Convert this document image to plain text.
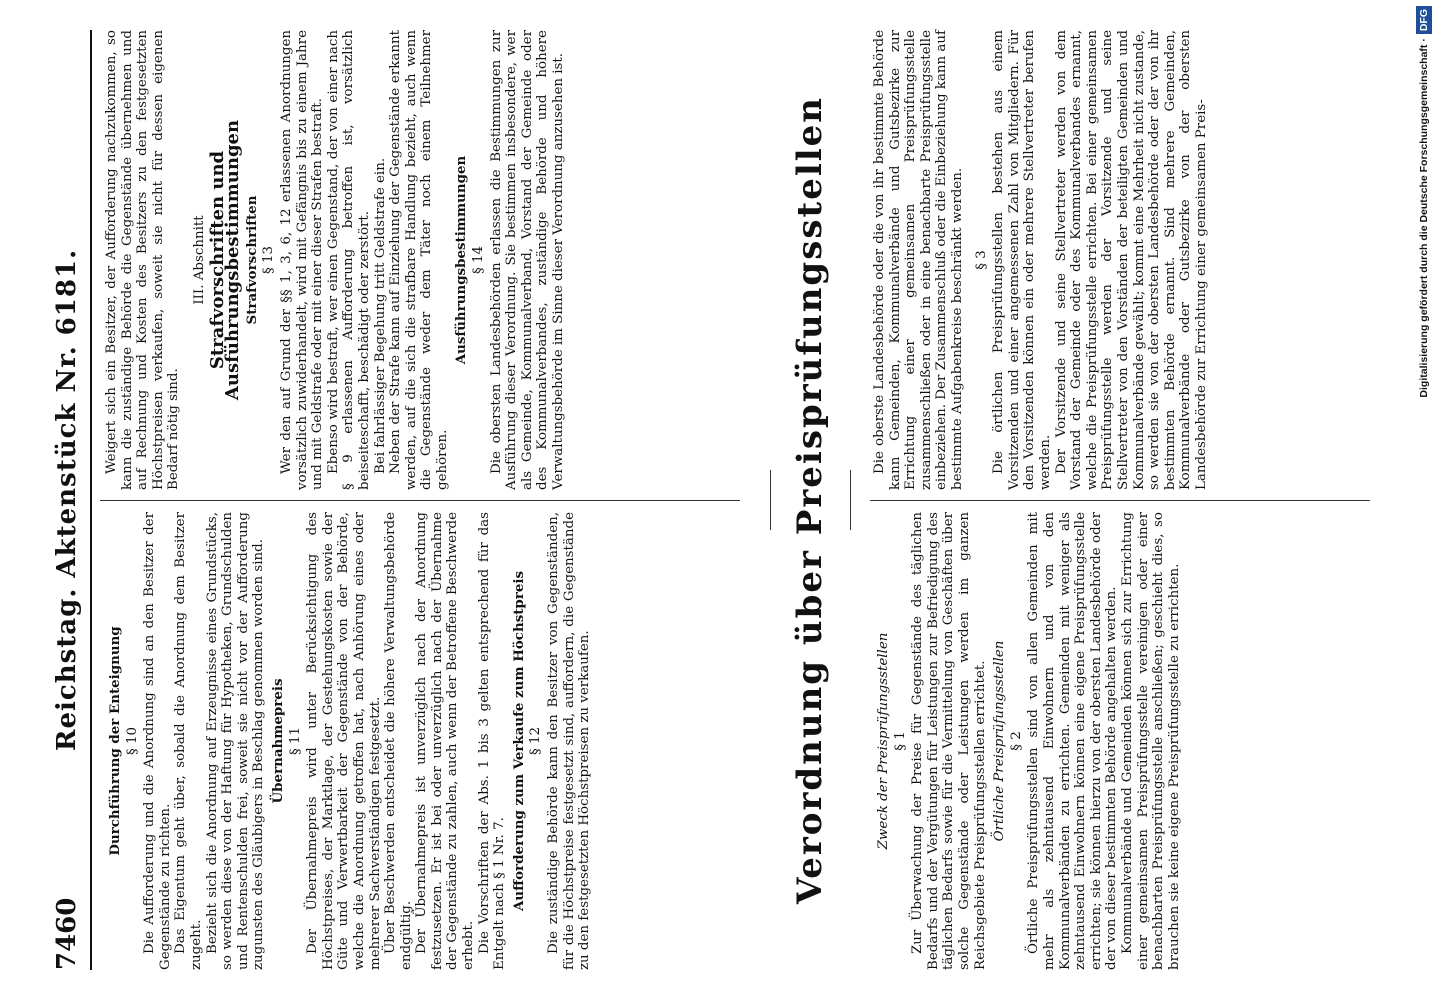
7460
Reichstag. Aktenstück Nr. 6181. Durchführung der Enteignung § 10 Die Aufforderung und die Anordnung sind an den Besitzer der Gegenstände zu richten. Das Eigentum geht über, sobald die Anordnung dem Besitzer zugeht. Bezieht sich die Anordnung auf Erzeugnisse eines Grundstücks, so werden diese von der Haftung für Hypotheken, Grundschulden und Rentenschulden frei, soweit sie nicht vor der Aufforderung zugunsten des Gläubigers in Beschlag genommen worden sind. Übernahmepreis § 11 Der Übernahmepreis wird unter Berücksichtigung des Höchstpreises, der Marktlage, der Gestehungskosten sowie der Güte und Verwertbarkeit der Gegenstände von der Behörde, welche die Anordnung getroffen hat, nach Anhörung eines oder mehrerer Sachverständigen festgesetzt. Über Beschwerden entscheidet die höhere Verwaltungsbehörde endgültig. Der Übernahmepreis ist unverzüglich nach der Anordnung festzusetzen. Er ist bei oder unverzüglich nach der Übernahme der Gegenstände zu zahlen, auch wenn der Betroffene Beschwerde erhebt. Die Vorschriften der Abs. 1 bis 3 gelten entsprechend für das Entgelt nach § 1 Nr. 7. Aufforderung zum Verkaufe zum Höchstpreis § 12 Die zuständige Behörde kann den Besitzer von Gegenständen, für die Höchstpreise festgesetzt sind, auffordern, die Gegenstände zu den festgesetzten Höchstpreisen zu verkaufen.

Weigert sich ein Besitzer, der Aufforderung nachzukommen, so kann die zuständige Behörde die Gegenstände übernehmen und auf Rechnung und Kosten des Besitzers zu den festgesetzten Höchstpreisen verkaufen, soweit sie nicht für dessen eigenen Bedarf nötig sind.

III. Abschnitt Strafvorschriften und Ausführungsbestimmungen Strafvorschriften § 13 Wer den auf Grund der §§ 1, 3, 6, 12 erlassenen Anordnungen vorsätzlich zuwiderhandelt, wird mit Gefängnis bis zu einem Jahre und mit Geldstrafe oder mit einer dieser Strafen bestraft. Ebenso wird bestraft, wer einen Gegenstand, der von einer nach § 9 erlassenen Aufforderung betroffen ist, vorsätzlich beiseiteschafft, beschädigt oder zerstört. Bei fahrlässiger Begehung tritt Geldstrafe ein. Neben der Strafe kann auf Einziehung der Gegenstände erkannt werden, auf die sich die strafbare Handlung bezieht, auch wenn die Gegenstände weder dem Täter noch einem Teilnehmer gehören.

Ausführungsbestimmungen § 14 Die obersten Landesbehörden erlassen die Bestimmungen zur Ausführung dieser Verordnung. Sie bestimmen insbesondere, wer als Gemeinde, Kommunalverband, Vorstand der Gemeinde oder des Kommunalverbandes, zuständige Behörde und höhere Verwaltungsbehörde im Sinne dieser Verordnung anzusehen ist.	Verordnung über Preisprüfungsstellen	Zweck der Preisprüfungsstellen § 1 Zur Überwachung der Preise für Gegenstände des täglichen Bedarfs und der Vergütungen für Leistungen zur Befriedigung des täglichen Bedarfs sowie für die Vermittelung von Geschäften über solche Gegenstände oder Leistungen werden im ganzen Reichsgebiete Preisprüfungsstellen errichtet. Örtliche Preisprüfungsstellen § 2 Örtliche Preisprüfungsstellen sind von allen Gemeinden mit mehr als zehntausend Einwohnern und von den Kommunalverbänden zu errichten. Gemeinden mit weniger als zehntausend Einwohnern können eine eigene Preisprüfungsstelle errichten; sie können hierzu von der obersten Landesbehörde oder der von dieser bestimmten Behörde angehalten werden. Kommunalverbände und Gemeinden können sich zur Errichtung einer gemeinsamen Preisprüfungsstelle vereinigen oder einer benachbarten Preisprüfungsstelle anschließen; geschieht dies, so brauchen sie keine eigene Preisprüfungsstelle zu errichten.

Die oberste Landesbehörde oder die von ihr bestimmte Behörde kann Gemeinden, Kommunalverbände und Gutsbezirke zur Errichtung einer gemeinsamen Preisprüfungsstelle zusammenschließen oder in eine benachbarte Preisprüfungsstelle einbeziehen. Der Zusammenschluß oder die Einbeziehung kann auf bestimmte Aufgabenkreise beschränkt werden. § 3 Die örtlichen Preisprüfungsstellen bestehen aus einem Vorsitzenden und einer angemessenen Zahl von Mitgliedern. Für den Vorsitzenden können ein oder mehrere Stellvertreter berufen werden. Der Vorsitzende und seine Stellvertreter werden von dem Vorstand der Gemeinde oder des Kommunalverbandes ernannt, welche die Preisprüfungsstelle errichten. Bei einer gemeinsamen Preisprüfungsstelle werden der Vorsitzende und seine Stellvertreter von den Vorständen der beteiligten Gemeinden und Kommunalverbände gewählt; kommt eine Mehrheit nicht zustande, so werden sie von der obersten Landesbehörde oder der von ihr bestimmten Behörde ernannt. Sind mehrere Gemeinden, Kommunalverbände oder Gutsbezirke von der obersten Landesbehörde zur Errichtung einer gemeinsamen Preis-	Digitalisierung gefördert durch die Deutsche Forschungsgemeinschaft ·DFG
